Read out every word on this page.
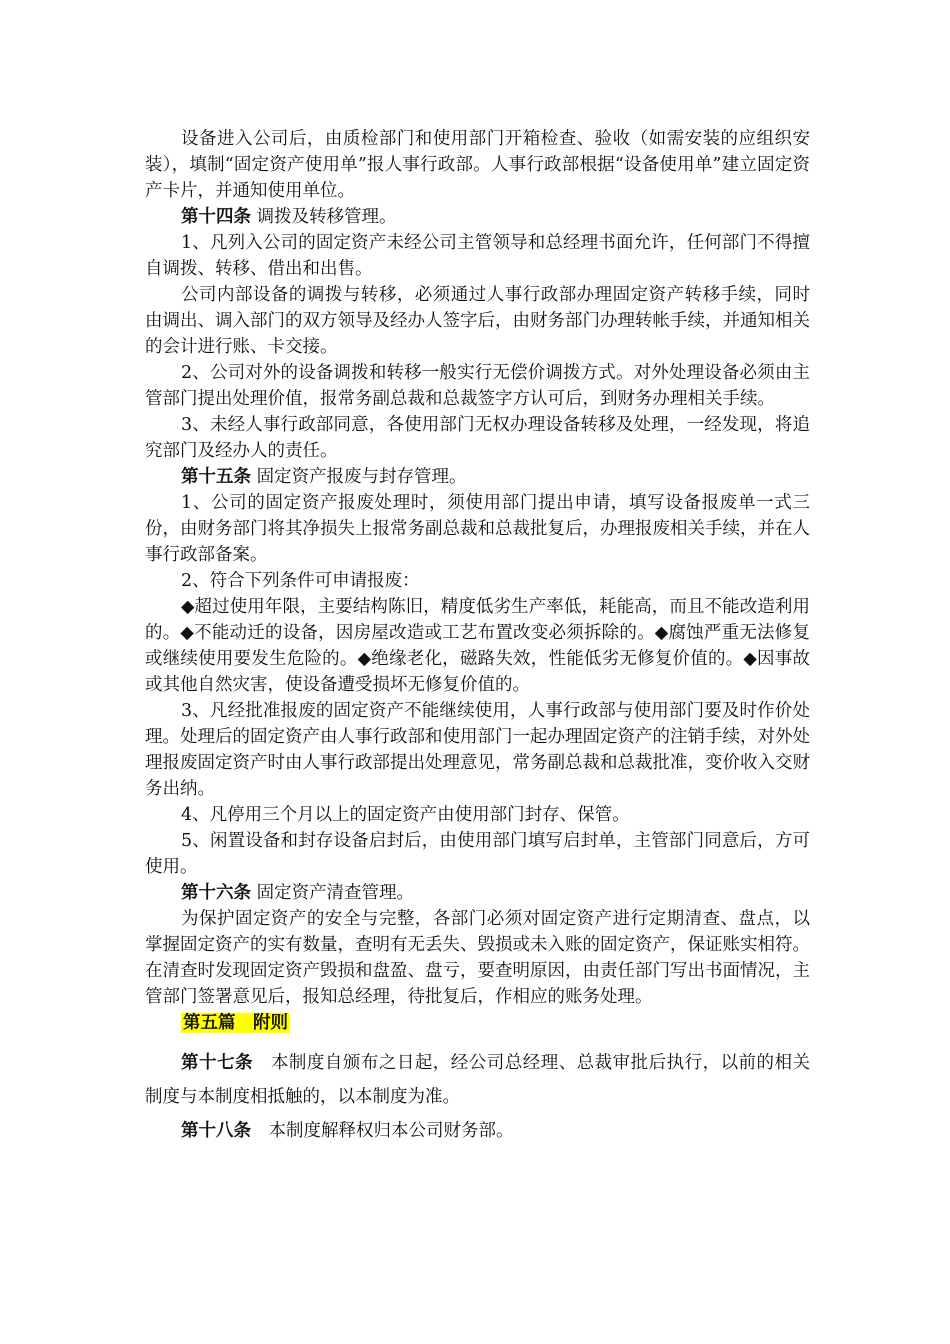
设备进入公司后，由质检部门和使用部门开箱检查、验收（如需安装的应组织安装），填制“固定资产使用单”报人事行政部。人事行政部根据“设备使用单”建立固定资产卡片，并通知使用单位。

第十四条 调拨及转移管理。

1、凡列入公司的固定资产未经公司主管领导和总经理书面允许，任何部门不得擅自调拨、转移、借出和出售。

公司内部设备的调拨与转移，必须通过人事行政部办理固定资产转移手续，同时由调出、调入部门的双方领导及经办人签字后，由财务部门办理转帐手续，并通知相关的会计进行账、卡交接。

2、公司对外的设备调拨和转移一般实行无偿价调拨方式。对外处理设备必须由主管部门提出处理价值，报常务副总裁和总裁签字方认可后，到财务办理相关手续。

3、未经人事行政部同意，各使用部门无权办理设备转移及处理，一经发现，将追究部门及经办人的责任。

第十五条 固定资产报废与封存管理。

1、公司的固定资产报废处理时，须使用部门提出申请，填写设备报废单一式三份，由财务部门将其净损失上报常务副总裁和总裁批复后，办理报废相关手续，并在人事行政部备案。

2、符合下列条件可申请报废：

◆超过使用年限，主要结构陈旧，精度低劣生产率低，耗能高，而且不能改造利用的。◆不能动迁的设备，因房屋改造或工艺布置改变必须拆除的。◆腐蚀严重无法修复或继续使用要发生危险的。◆绝缘老化，磁路失效，性能低劣无修复价值的。◆因事故或其他自然灾害，使设备遭受损坏无修复价值的。

3、凡经批准报废的固定资产不能继续使用，人事行政部与使用部门要及时作价处理。处理后的固定资产由人事行政部和使用部门一起办理固定资产的注销手续，对外处理报废固定资产时由人事行政部提出处理意见，常务副总裁和总裁批准，变价收入交财务出纳。

4、凡停用三个月以上的固定资产由使用部门封存、保管。

5、闲置设备和封存设备启封后，由使用部门填写启封单，主管部门同意后，方可使用。

第十六条 固定资产清查管理。

为保护固定资产的安全与完整，各部门必须对固定资产进行定期清查、盘点，以掌握固定资产的实有数量，查明有无丢失、毁损或未入账的固定资产，保证账实相符。在清查时发现固定资产毁损和盘盈、盘亏，要查明原因，由责任部门写出书面情况，主管部门签署意见后，报知总经理，待批复后，作相应的账务处理。

第五篇　附则

第十七条　本制度自颁布之日起，经公司总经理、总裁审批后执行，以前的相关制度与本制度相抵触的，以本制度为准。

第十八条　本制度解释权归本公司财务部。
